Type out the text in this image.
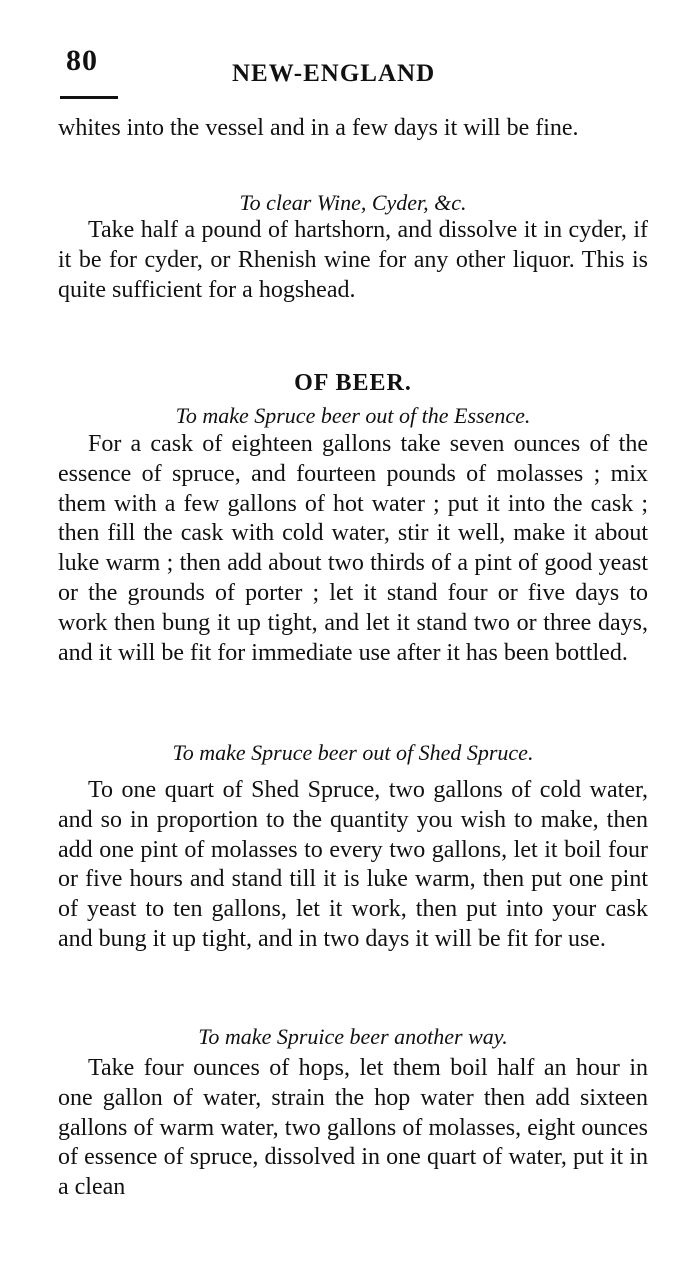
80	NEW-ENGLAND

whites into the vessel and in a few days it will be fine.

To clear Wine, Cyder, &c.

Take half a pound of hartshorn, and dissolve it in cyder, if it be for cyder, or Rhenish wine for any other liquor. This is quite sufficient for a hogshead.

OF BEER.
To make Spruce beer out of the Essence.

For a cask of eighteen gallons take seven ounces of the essence of spruce, and fourteen pounds of molasses ; mix them with a few gallons of hot water ; put it into the cask ; then fill the cask with cold water, stir it well, make it about luke warm ; then add about two thirds of a pint of good yeast or the grounds of porter ; let it stand four or five days to work then bung it up tight, and let it stand two or three days, and it will be fit for immediate use after it has been bottled.

To make Spruce beer out of Shed Spruce.

To one quart of Shed Spruce, two gallons of cold water, and so in proportion to the quantity you wish to make, then add one pint of molasses to every two gallons, let it boil four or five hours and stand till it is luke warm, then put one pint of yeast to ten gallons, let it work, then put into your cask and bung it up tight, and in two days it will be fit for use.

To make Spruice beer another way.

Take four ounces of hops, let them boil half an hour in one gallon of water, strain the hop water then add sixteen gallons of warm water, two gallons of molasses, eight ounces of essence of spruce, dissolved in one quart of water, put it in a clean
